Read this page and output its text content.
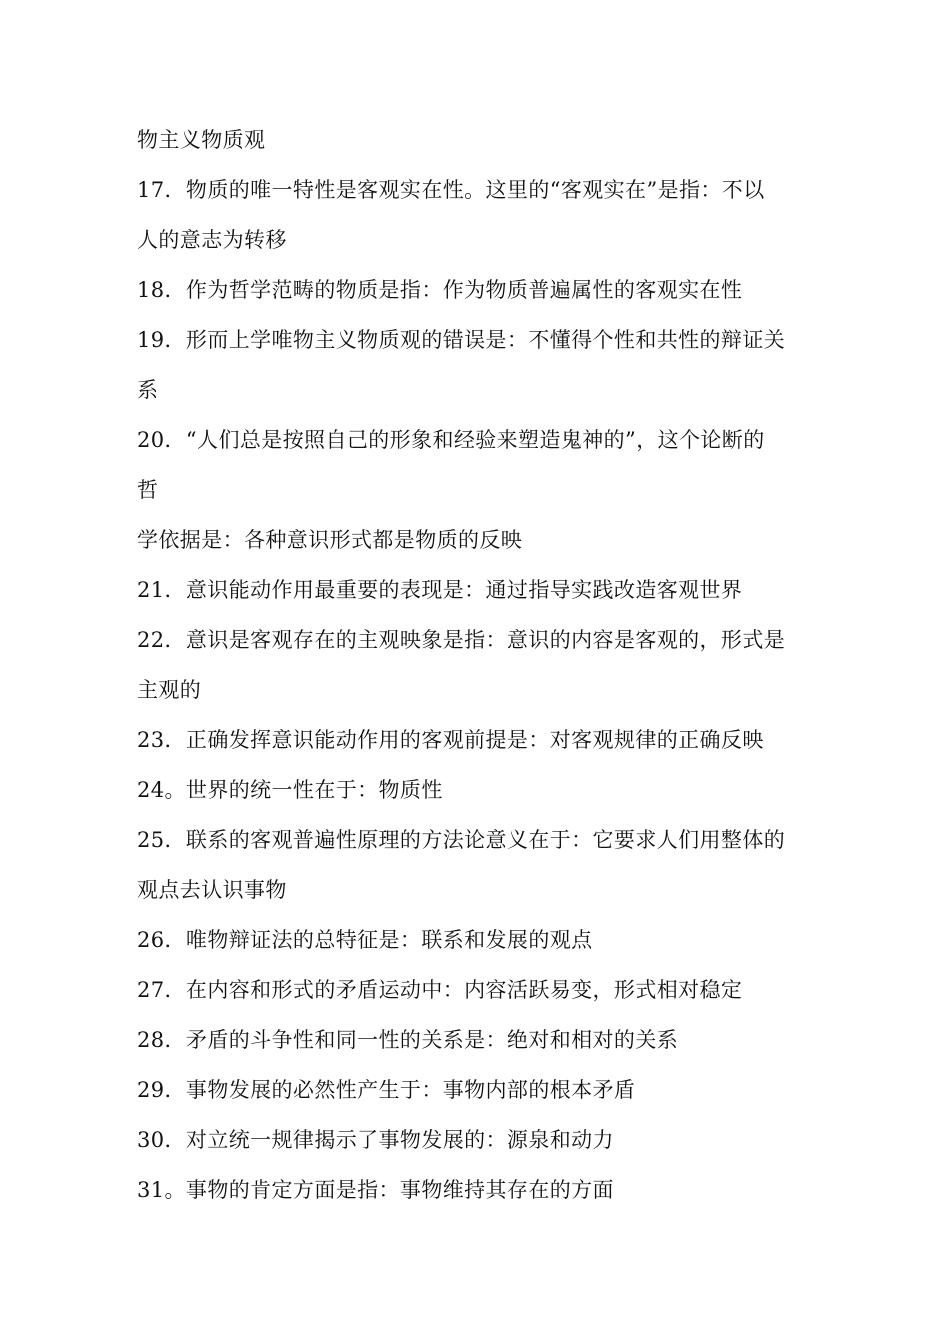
物主义物质观
17．物质的唯一特性是客观实在性。这里的“客观实在”是指：不以
人的意志为转移
18．作为哲学范畴的物质是指：作为物质普遍属性的客观实在性
19．形而上学唯物主义物质观的错误是：不懂得个性和共性的辩证关
系
20．“人们总是按照自己的形象和经验来塑造鬼神的”，这个论断的
哲
学依据是：各种意识形式都是物质的反映
21．意识能动作用最重要的表现是：通过指导实践改造客观世界
22．意识是客观存在的主观映象是指：意识的内容是客观的，形式是
主观的
23．正确发挥意识能动作用的客观前提是：对客观规律的正确反映
24。世界的统一性在于：物质性
25．联系的客观普遍性原理的方法论意义在于：它要求人们用整体的
观点去认识事物
26．唯物辩证法的总特征是：联系和发展的观点
27．在内容和形式的矛盾运动中：内容活跃易变，形式相对稳定
28．矛盾的斗争性和同一性的关系是：绝对和相对的关系
29．事物发展的必然性产生于：事物内部的根本矛盾
30．对立统一规律揭示了事物发展的：源泉和动力
31。事物的肯定方面是指：事物维持其存在的方面
